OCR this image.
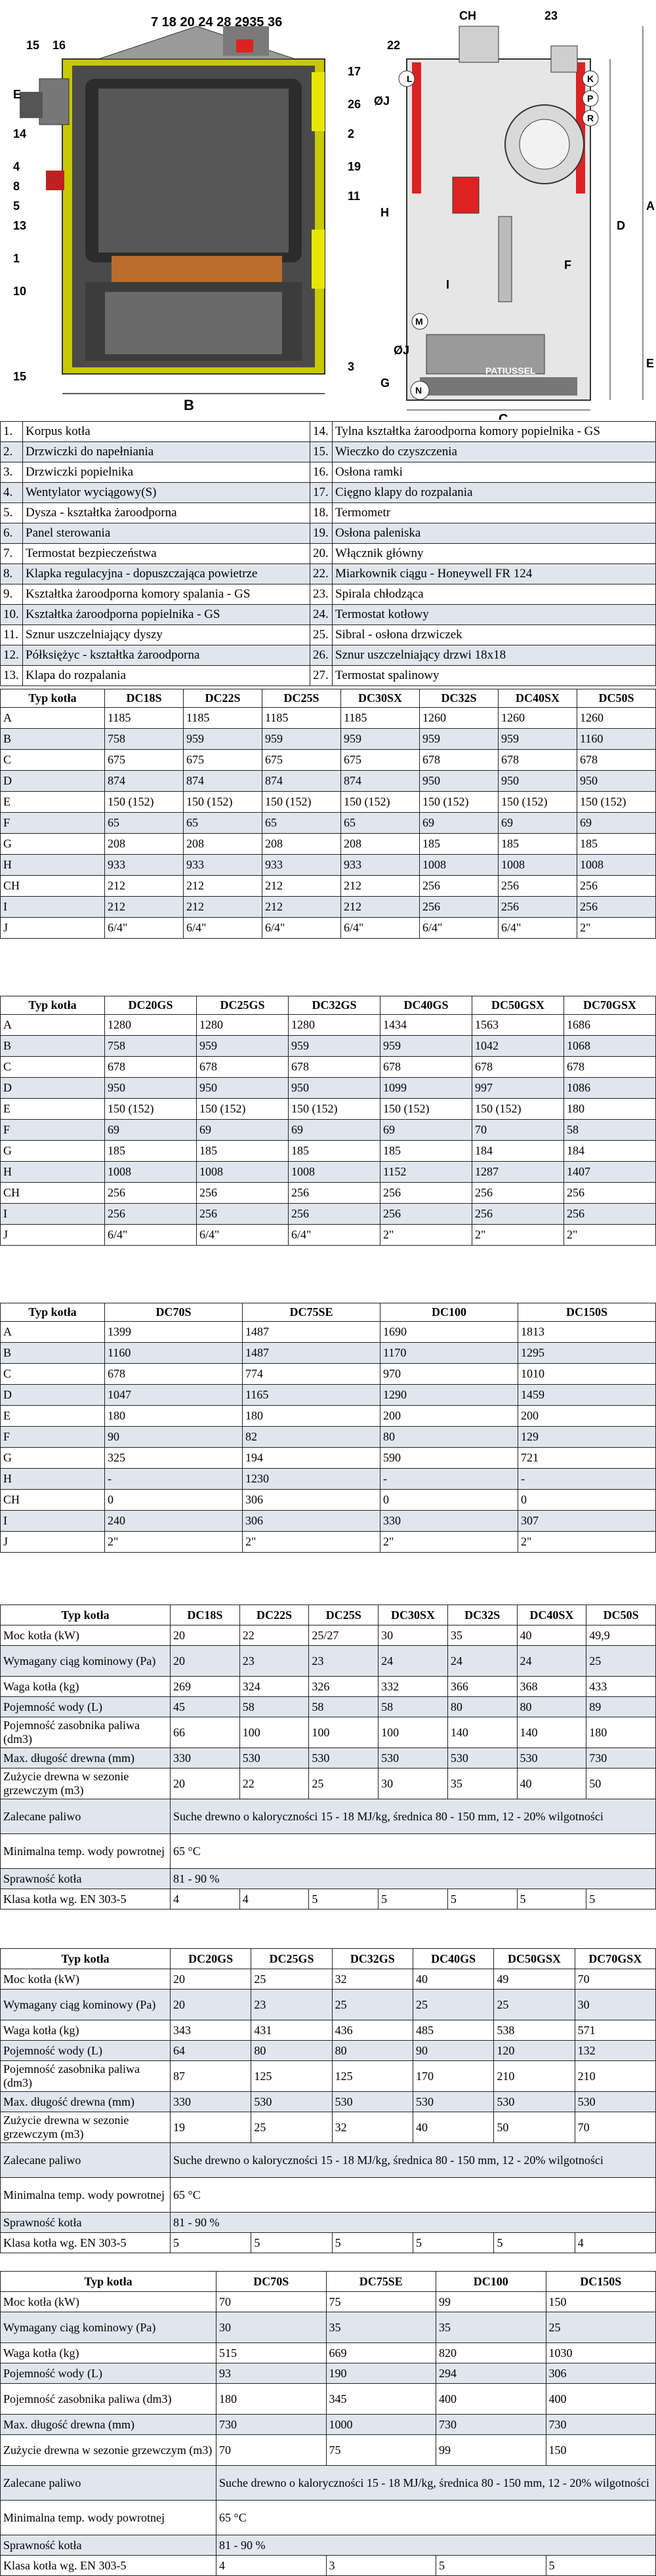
B
7 18 20 24 28 2935 36
16
15
E
14
4
8
5
13
1
10
15
17
26
2
19
11
3	PATIUSSEL
CH	23
22
L	K
P
R
M
N
ØJ
ØJ
G
I
H
D
A
F
C
E
1.	Korpus kotła	14.	Tylna kształtka żaroodporna komory popielnika - GS
2.	Drzwiczki do napełniania	15.	Wieczko do czyszczenia
3.	Drzwiczki popielnika	16.	Osłona ramki
4.	Wentylator wyciągowy(S)	17.	Cięgno klapy do rozpalania
5.	Dysza - kształtka żaroodporna	18.	Termometr
6.	Panel sterowania	19.	Osłona paleniska
7.	Termostat bezpieczeństwa	20.	Włącznik główny
8.	Klapka regulacyjna - dopuszczająca powietrze	22.	Miarkownik ciągu - Honeywell FR 124
9.	Kształtka żaroodporna komory spalania - GS	23.	Spirala chłodząca
10.	Kształtka żaroodporna popielnika - GS	24.	Termostat kotłowy
11.	Sznur uszczelniający dyszy	25.	Sibral - osłona drzwiczek
12.	Półksiężyc - kształtka żaroodporna	26.	Sznur uszczelniający drzwi 18x18
13.	Klapa do rozpalania	27.	Termostat spalinowy
Typ kotła	DC18S	DC22S	DC25S	DC30SX	DC32S	DC40SX	DC50S
A	1185	1185	1185	1185	1260	1260	1260
B	758	959	959	959	959	959	1160
C	675	675	675	675	678	678	678
D	874	874	874	874	950	950	950
E	150 (152)	150 (152)	150 (152)	150 (152)	150 (152)	150 (152)	150 (152)
F	65	65	65	65	69	69	69
G	208	208	208	208	185	185	185
H	933	933	933	933	1008	1008	1008
CH	212	212	212	212	256	256	256
I	212	212	212	212	256	256	256
J	6/4"	6/4"	6/4"	6/4"	6/4"	6/4"	2"
Typ kotła	DC20GS	DC25GS	DC32GS	DC40GS	DC50GSX	DC70GSX
A	1280	1280	1280	1434	1563	1686
B	758	959	959	959	1042	1068
C	678	678	678	678	678	678
D	950	950	950	1099	997	1086
E	150 (152)	150 (152)	150 (152)	150 (152)	150 (152)	180
F	69	69	69	69	70	58
G	185	185	185	185	184	184
H	1008	1008	1008	1152	1287	1407
CH	256	256	256	256	256	256
I	256	256	256	256	256	256
J	6/4"	6/4"	6/4"	2"	2"	2"
Typ kotła	DC70S	DC75SE	DC100	DC150S
A	1399	1487	1690	1813
B	1160	1487	1170	1295
C	678	774	970	1010
D	1047	1165	1290	1459
E	180	180	200	200
F	90	82	80	129
G	325	194	590	721
H	-	1230	-	-
CH	0	306	0	0
I	240	306	330	307
J	2"	2"	2"	2"
Typ kotła	DC18S	DC22S	DC25S	DC30SX	DC32S	DC40SX	DC50S
Moc kotła (kW)	20	22	25/27	30	35	40	49,9
Wymagany ciąg kominowy (Pa)	20	23	23	24	24	24	25
Waga kotła (kg)	269	324	326	332	366	368	433
Pojemność wody (L)	45	58	58	58	80	80	89
Pojemność zasobnika paliwa (dm3)	66	100	100	100	140	140	180
Max. długość drewna (mm)	330	530	530	530	530	530	730
Zużycie drewna w sezonie grzewczym (m3)	20	22	25	30	35	40	50
Zalecane paliwo	Suche drewno o kaloryczności 15 - 18 MJ/kg, średnica 80 - 150 mm, 12 - 20% wilgotności						
Minimalna temp. wody powrotnej	65 °C						
Sprawność kotła	81 - 90 %						
Klasa kotła wg. EN 303-5	4	4	5	5	5	5	5
Typ kotła	DC20GS	DC25GS	DC32GS	DC40GS	DC50GSX	DC70GSX
Moc kotła (kW)	20	25	32	40	49	70
Wymagany ciąg kominowy (Pa)	20	23	25	25	25	30
Waga kotła (kg)	343	431	436	485	538	571
Pojemność wody (L)	64	80	80	90	120	132
Pojemność zasobnika paliwa (dm3)	87	125	125	170	210	210
Max. długość drewna (mm)	330	530	530	530	530	530
Zużycie drewna w sezonie grzewczym (m3)	19	25	32	40	50	70
Zalecane paliwo	Suche drewno o kaloryczności 15 - 18 MJ/kg, średnica 80 - 150 mm, 12 - 20% wilgotności					
Minimalna temp. wody powrotnej	65 °C					
Sprawność kotła	81 - 90 %					
Klasa kotła wg. EN 303-5	5	5	5	5	5	4
Typ kotła	DC70S	DC75SE	DC100	DC150S
Moc kotła (kW)	70	75	99	150
Wymagany ciąg kominowy (Pa)	30	35	35	25
Waga kotła (kg)	515	669	820	1030
Pojemność wody (L)	93	190	294	306
Pojemność zasobnika paliwa (dm3)	180	345	400	400
Max. długość drewna (mm)	730	1000	730	730
Zużycie drewna w sezonie grzewczym (m3)	70	75	99	150
Zalecane paliwo	Suche drewno o kaloryczności 15 - 18 MJ/kg, średnica 80 - 150 mm, 12 - 20% wilgotności			
Minimalna temp. wody powrotnej	65 °C			
Sprawność kotła	81 - 90 %			
Klasa kotła wg. EN 303-5	4	3	5	5
